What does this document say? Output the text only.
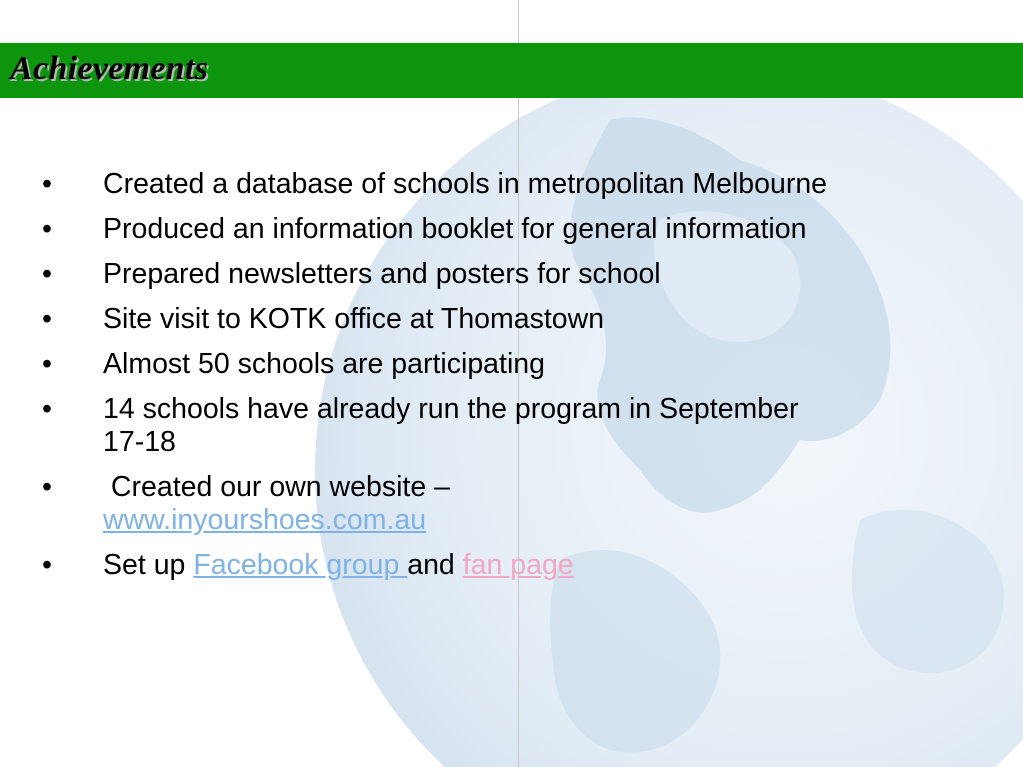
Achievements
•	Created a database of schools in metropolitan Melbourne
•	Produced an information booklet for general information
•	Prepared newsletters and posters for school
•	Site visit to KOTK office at Thomastown
•	Almost 50 schools are participating
•	14 schools have already run the program in September 17-18
•	Created our own website –
www.inyourshoes.com.au
•	Set up Facebook group and fan page
